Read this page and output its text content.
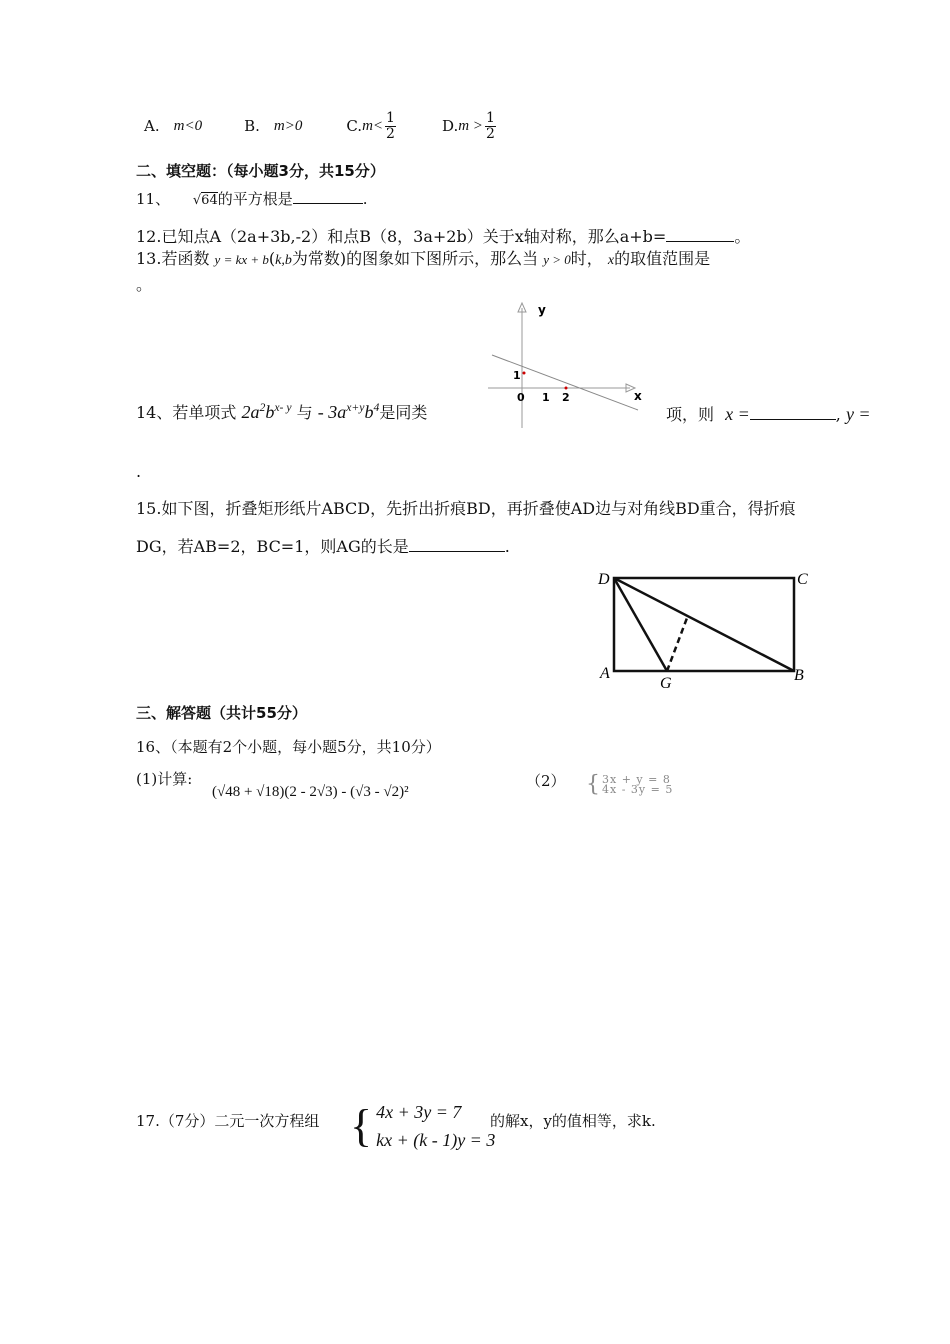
A. m<0	B. m>0	C. $m< \frac{1}{2}$	D. $m > \frac{1}{2}$
二、填空题：（每小题3分，共15分）
11、 √64的平方根是	.
12.已知点A（2a+3b,-2）和点B（8，3a+2b）关于x轴对称，那么a+b=	。
13.若函数 y = kx + b(k,b为常数)的图象如下图所示，那么当 y > 0时， x的取值范围是
。
y
x
0 1 2
1
14、若单项式 $2a^2b^{x- y}$ 与 - $3a^{x+y}b^4$是同类	项，则 x =	, y =
.
15.如下图，折叠矩形纸片ABCD，先折出折痕BD，再折叠使AD边与对角线BD重合，得折痕
DG，若AB=2，BC=1，则AG的长是	.
D	C
A	B
G
三、解答题（共计55分）
16、（本题有2个小题，每小题5分，共10分）
(1)计算:
(√48 + √18)(2 - 2√3) - (√3 - √2)²
（2） { 3x + y = 8
4x - 3y = 5
17.（7分）二元一次方程组 { 4x + 3y = 7
kx + (k - 1)y = 3
的解x，y的值相等，求k.
